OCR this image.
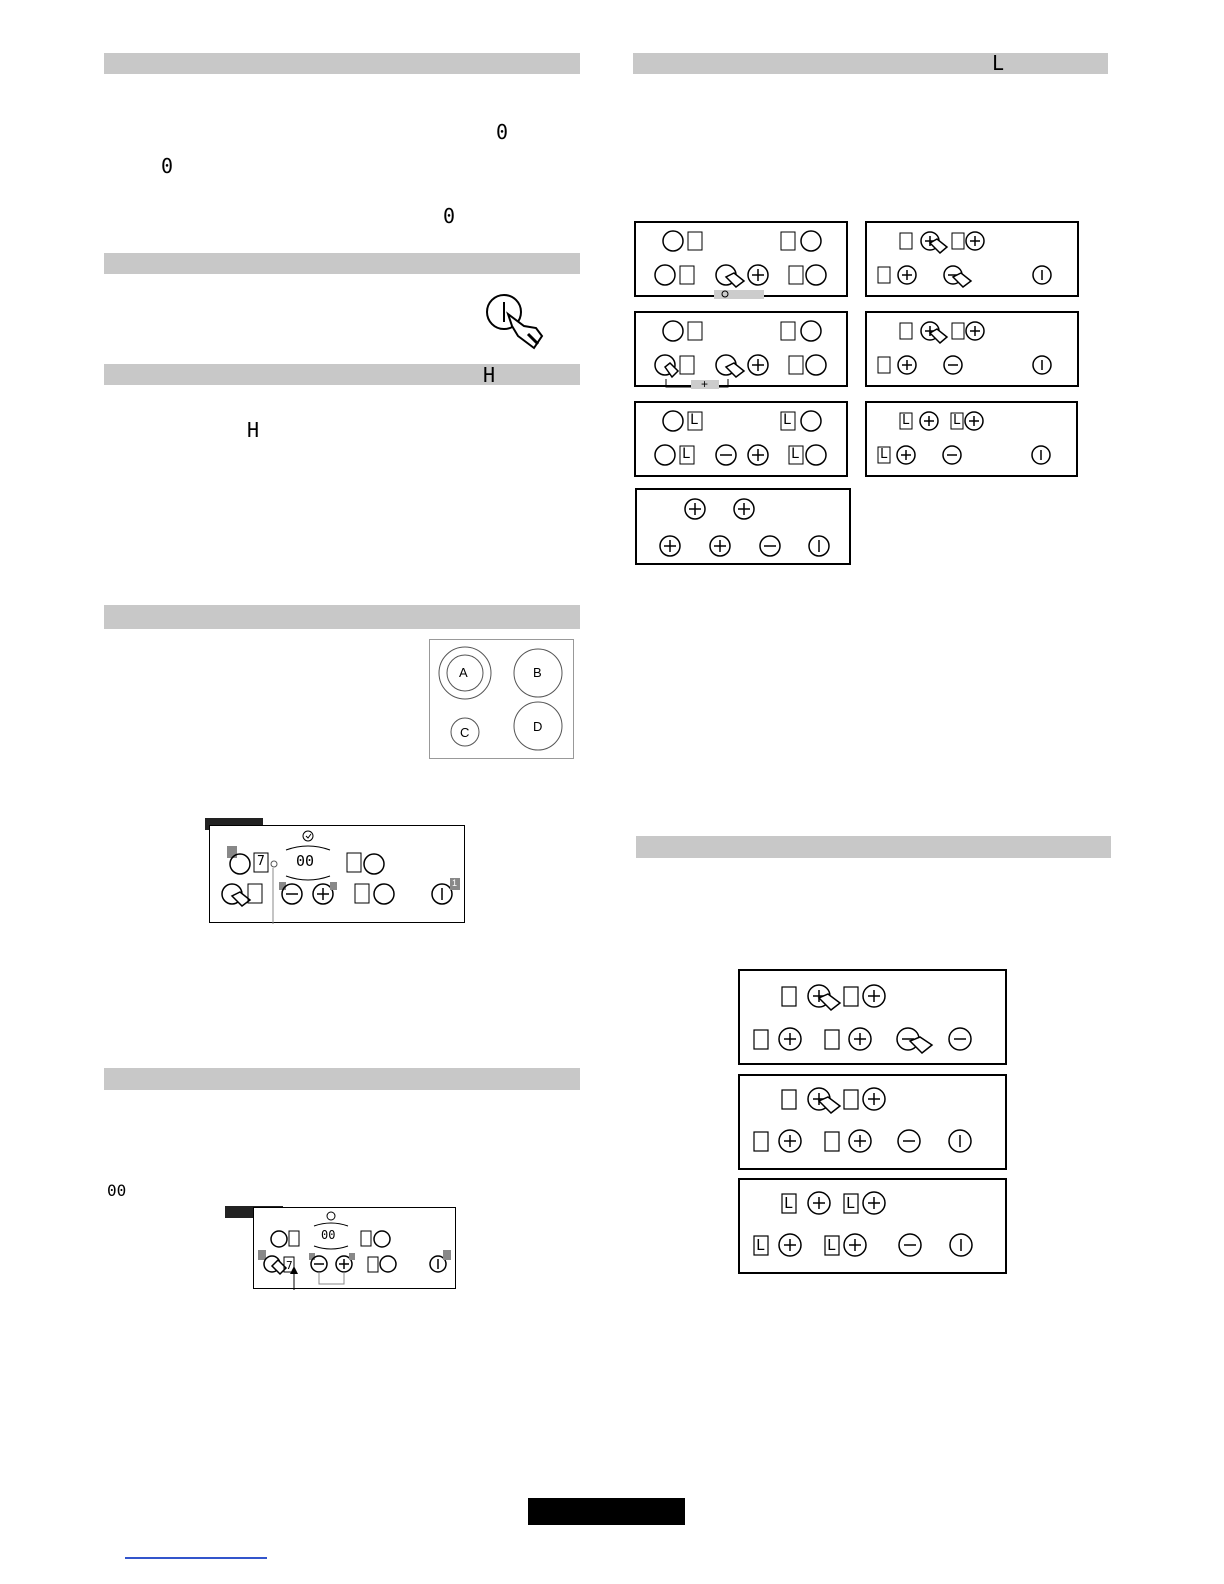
0
0
0
H
H
A	B
C	D
00
7
1
00
00
7
L
+
L	L
L	L
L	L
L
L	L
L	L
